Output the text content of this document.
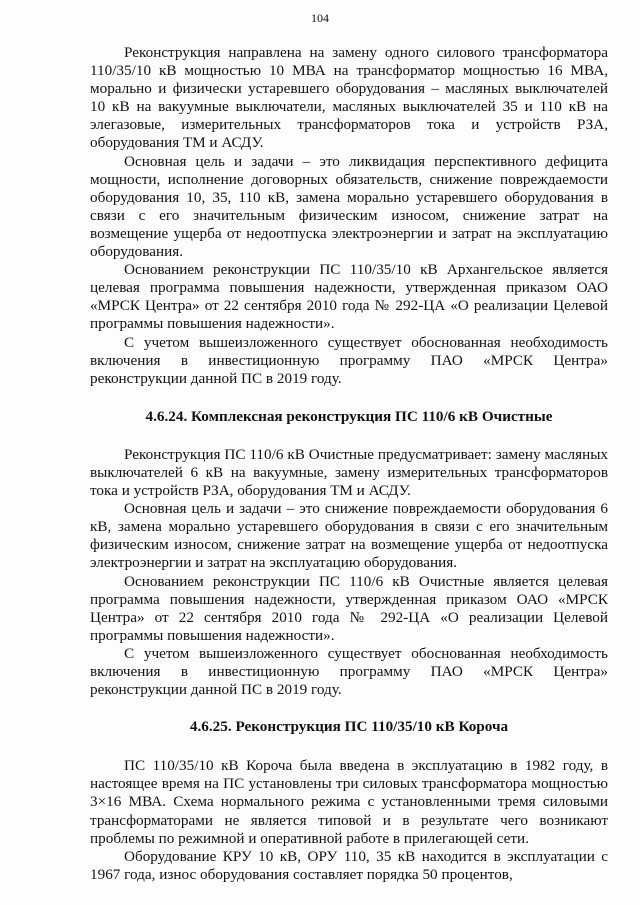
104

Реконструкция направлена на замену одного силового трансформатора 110/35/10 кВ мощностью 10 МВА на трансформатор мощностью 16 МВА, морально и физически устаревшего оборудования – масляных выключателей 10 кВ на вакуумные выключатели, масляных выключателей 35 и 110 кВ на элегазовые, измерительных трансформаторов тока и устройств РЗА, оборудования ТМ и АСДУ.

Основная цель и задачи – это ликвидация перспективного дефицита мощности, исполнение договорных обязательств, снижение повреждаемости оборудования 10, 35, 110 кВ, замена морально устаревшего оборудования в связи с его значительным физическим износом, снижение затрат на возмещение ущерба от недоотпуска электроэнергии и затрат на эксплуатацию оборудования.

Основанием реконструкции ПС 110/35/10 кВ Архангельское является целевая программа повышения надежности, утвержденная приказом ОАО «МРСК Центра» от 22 сентября 2010 года № 292-ЦА «О реализации Целевой программы повышения надежности».

С учетом вышеизложенного существует обоснованная необходимость включения в инвестиционную программу ПАО «МРСК Центра» реконструкции данной ПС в 2019 году.

4.6.24. Комплексная реконструкция ПС 110/6 кВ Очистные

Реконструкция ПС 110/6 кВ Очистные предусматривает: замену масляных выключателей 6 кВ на вакуумные, замену измерительных трансформаторов тока и устройств РЗА, оборудования ТМ и АСДУ.

Основная цель и задачи – это снижение повреждаемости оборудования 6 кВ, замена морально устаревшего оборудования в связи с его значительным физическим износом, снижение затрат на возмещение ущерба от недоотпуска электроэнергии и затрат на эксплуатацию оборудования.

Основанием реконструкции ПС 110/6 кВ Очистные является целевая программа повышения надежности, утвержденная приказом ОАО «МРСК Центра» от 22 сентября 2010 года № 292-ЦА «О реализации Целевой программы повышения надежности».

С учетом вышеизложенного существует обоснованная необходимость включения в инвестиционную программу ПАО «МРСК Центра» реконструкции данной ПС в 2019 году.

4.6.25. Реконструкция ПС 110/35/10 кВ Короча

ПС 110/35/10 кВ Короча была введена в эксплуатацию в 1982 году, в настоящее время на ПС установлены три силовых трансформатора мощностью 3×16 МВА. Схема нормального режима с установленными тремя силовыми трансформаторами не является типовой и в результате чего возникают проблемы по режимной и оперативной работе в прилегающей сети.

Оборудование КРУ 10 кВ, ОРУ 110, 35 кВ находится в эксплуатации с 1967 года, износ оборудования составляет порядка 50 процентов,
